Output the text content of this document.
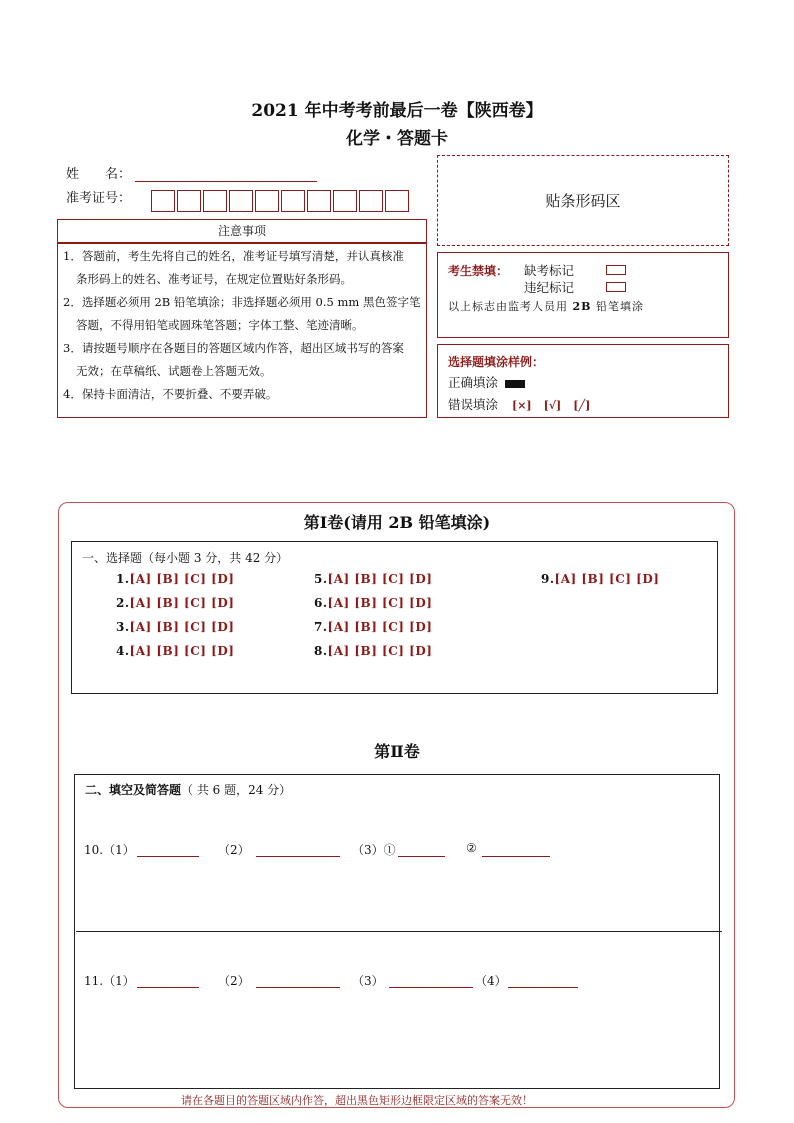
2021 年中考考前最后一卷【陕西卷】
化学・答题卡
姓　　名：
准考证号：	贴条形码区
注意事项

1．答题前，考生先将自己的姓名，准考证号填写清楚，并认真核准

条形码上的姓名、准考证号，在规定位置贴好条形码。

2．选择题必须用 2B 铅笔填涂；非选择题必须用 0.5 mm 黑色签字笔

答题，不得用铅笔或圆珠笔答题；字体工整、笔迹清晰。

3．请按题号顺序在各题目的答题区域内作答，超出区域书写的答案

无效；在草稿纸、试题卷上答题无效。

4．保持卡面清洁，不要折叠、不要弄破。

考生禁填： 缺考标记
违纪标记
以上标志由监考人员用 2B 铅笔填涂
选择题填涂样例：
正确填涂
错误填涂 [×] [√] [╱]
第Ⅰ卷(请用 2B 铅笔填涂)
一、选择题（每小题 3 分，共 42 分）
1.[A] [B] [C] [D]
2.[A] [B] [C] [D]
3.[A] [B] [C] [D]
4.[A] [B] [C] [D]
5.[A] [B] [C] [D]
6.[A] [B] [C] [D]
7.[A] [B] [C] [D]
8.[A] [B] [C] [D]
9.[A] [B] [C] [D]
第Ⅱ卷
二、填空及简答题（ 共 6 题，24 分）
10.（1）	（2）	（3）①	②
11.（1）	（2）	（3）	（4）
请在各题目的答题区域内作答，超出黑色矩形边框限定区域的答案无效！
